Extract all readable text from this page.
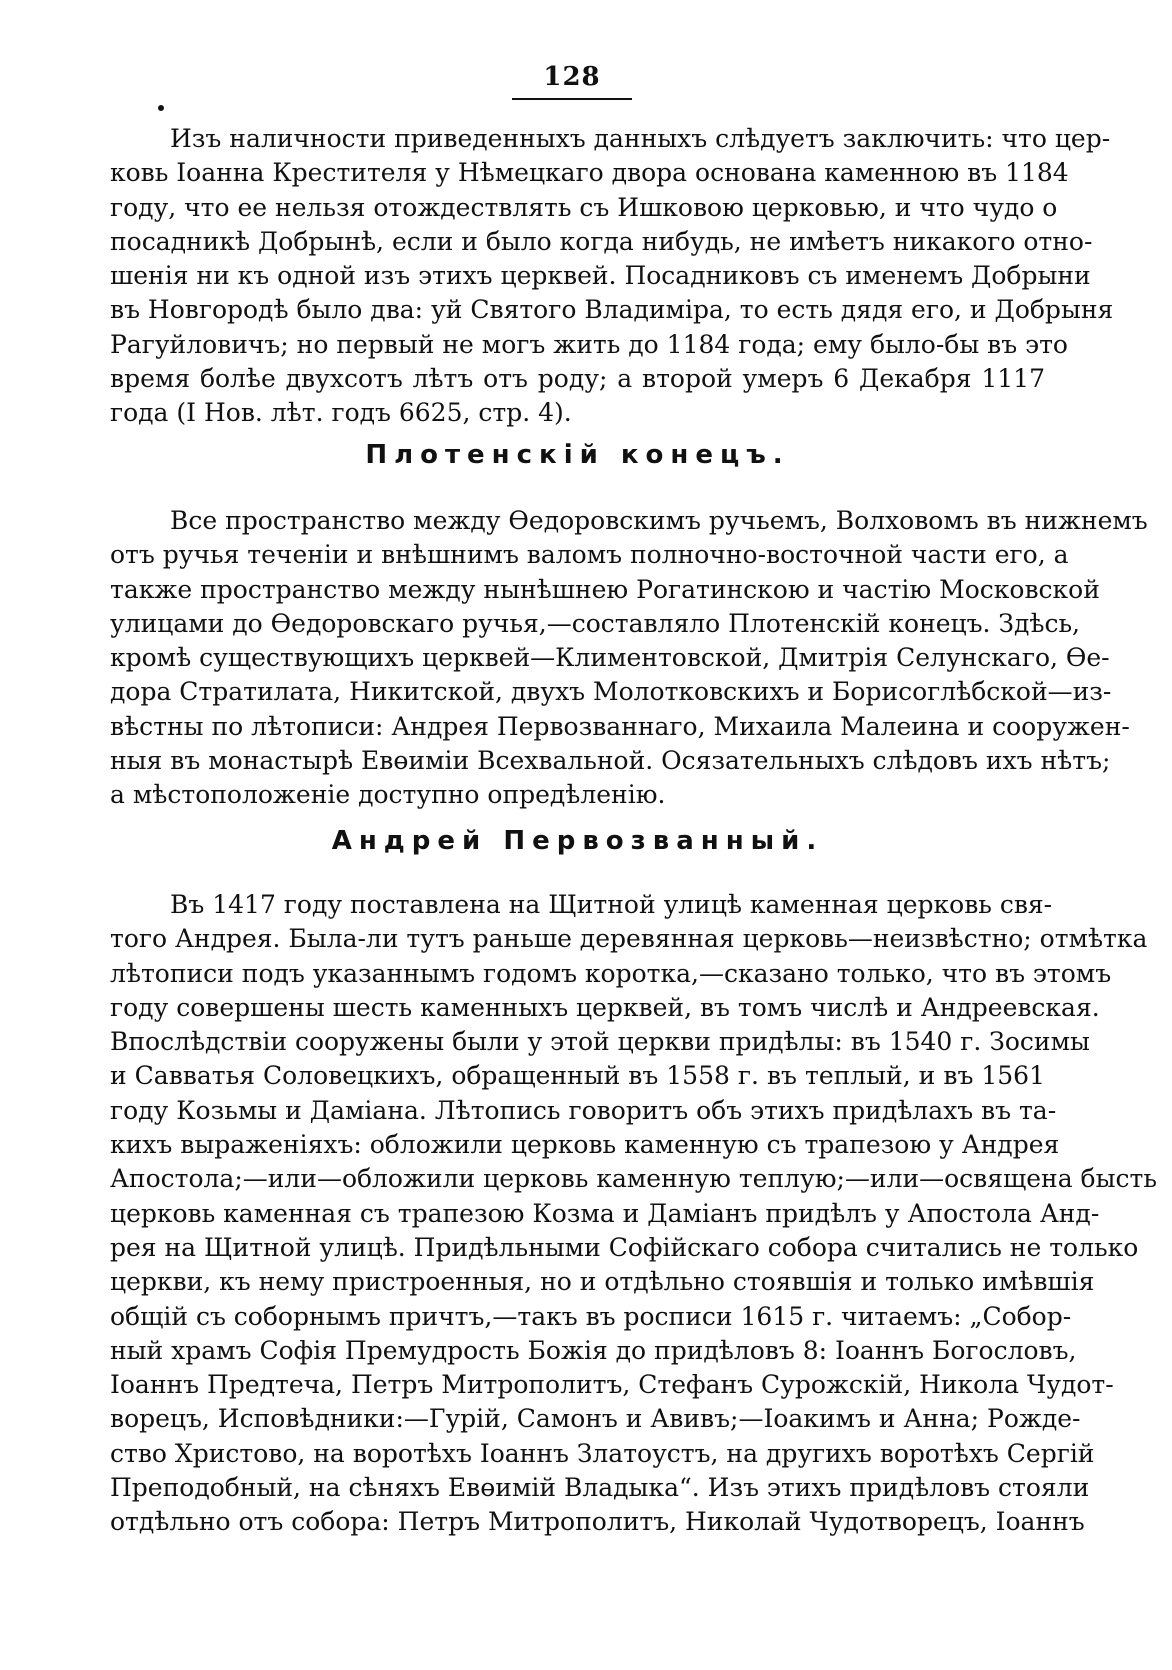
128
Изъ наличности приведенныхъ данныхъ слѣдуетъ заключить: что цер-
ковь Іоанна Крестителя у Нѣмецкаго двора основана каменною въ 1184
году, что ее нельзя отождествлять съ Ишковою церковью, и что чудо о
посадникѣ Добрынѣ, если и было когда нибудь, не имѣетъ никакого отно-
шенія ни къ одной изъ этихъ церквей. Посадниковъ съ именемъ Добрыни
въ Новгородѣ было два: уй Святого Владиміра, то есть дядя его, и Добрыня
Рагуйловичъ; но первый не могъ жить до 1184 года; ему было-бы въ это
время болѣе двухсотъ лѣтъ отъ роду; а второй умеръ 6 Декабря 1117
года (I Нов. лѣт. годъ 6625, стр. 4).
Плотенскій конецъ.
Все пространство между Өедоровскимъ ручьемъ, Волховомъ въ нижнемъ
отъ ручья теченіи и внѣшнимъ валомъ полночно-восточной части его, а
также пространство между нынѣшнею Рогатинскою и частію Московской
улицами до Өедоровскаго ручья,—составляло Плотенскій конецъ. Здѣсь,
кромѣ существующихъ церквей—Климентовской, Дмитрія Селунскаго, Өе-
дора Стратилата, Никитской, двухъ Молотковскихъ и Борисоглѣбской—из-
вѣстны по лѣтописи: Андрея Первозваннаго, Михаила Малеина и сооружен-
ныя въ монастырѣ Евөиміи Всехвальной. Осязательныхъ слѣдовъ ихъ нѣтъ;
а мѣстоположеніе доступно опредѣленію.
Андрей Первозванный.
Въ 1417 году поставлена на Щитной улицѣ каменная церковь свя-
того Андрея. Была-ли тутъ раньше деревянная церковь—неизвѣстно; отмѣтка
лѣтописи подъ указаннымъ годомъ коротка,—сказано только, что въ этомъ
году совершены шесть каменныхъ церквей, въ томъ числѣ и Андреевская.
Впослѣдствіи сооружены были у этой церкви придѣлы: въ 1540 г. Зосимы
и Савватья Соловецкихъ, обращенный въ 1558 г. въ теплый, и въ 1561
году Козьмы и Даміана. Лѣтопись говоритъ объ этихъ придѣлахъ въ та-
кихъ выраженіяхъ: обложили церковь каменную съ трапезою у Андрея
Апостола;—или—обложили церковь каменную теплую;—или—освящена бысть
церковь каменная съ трапезою Козма и Даміанъ придѣлъ у Апостола Анд-
рея на Щитной улицѣ. Придѣльными Софійскаго собора считались не только
церкви, къ нему пристроенныя, но и отдѣльно стоявшія и только имѣвшія
общій съ соборнымъ причтъ,—такъ въ росписи 1615 г. читаемъ: „Собор-
ный храмъ Софія Премудрость Божія до придѣловъ 8: Іоаннъ Богословъ,
Іоаннъ Предтеча, Петръ Митрополитъ, Стефанъ Сурожскій, Никола Чудот-
ворецъ, Исповѣдники:—Гурій, Самонъ и Авивъ;—Іоакимъ и Анна; Рожде-
ство Христово, на воротѣхъ Іоаннъ Златоустъ, на другихъ воротѣхъ Сергій
Преподобный, на сѣняхъ Евөимій Владыка“. Изъ этихъ придѣловъ стояли
отдѣльно отъ собора: Петръ Митрополитъ, Николай Чудотворецъ, Іоаннъ
